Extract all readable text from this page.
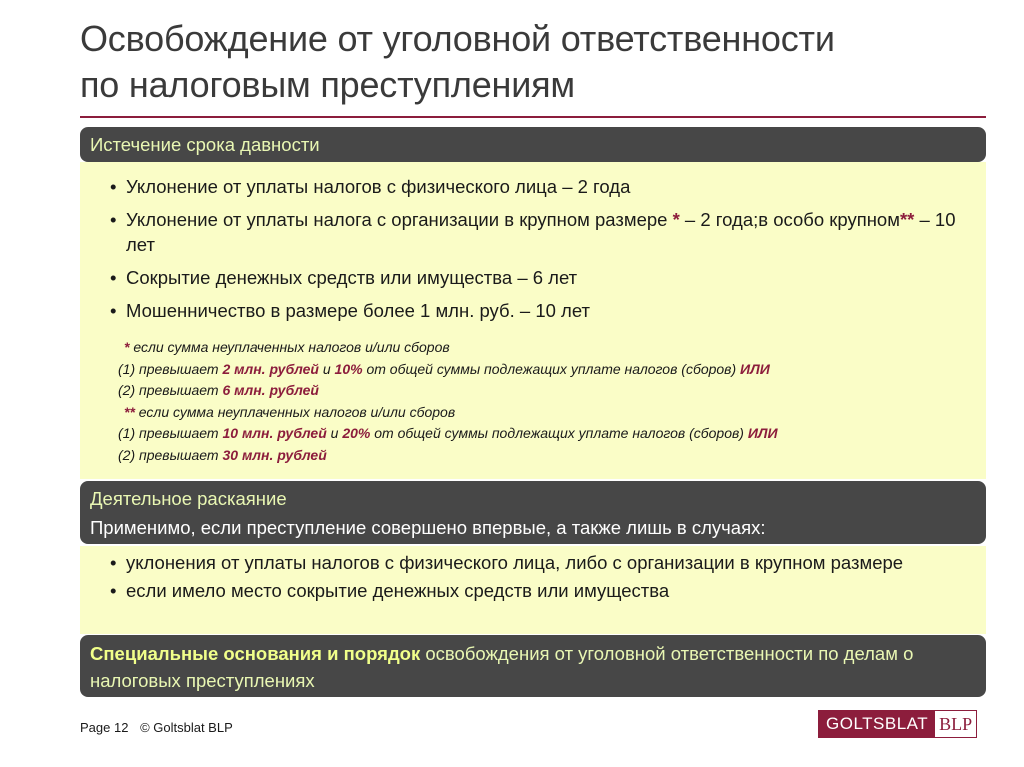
Освобождение от уголовной ответственности
по налоговым преступлениям
Истечение срока давности
• Уклонение от уплаты налогов с физического лица – 2 года
• Уклонение от уплаты налога с организации в крупном размере * – 2 года;в особо крупном** – 10 лет
• Сокрытие денежных средств или имущества – 6 лет
• Мошенничество в размере более 1 млн. руб. – 10 лет
* если сумма неуплаченных налогов и/или сборов
(1) превышает 2 млн. рублей и 10% от общей суммы подлежащих уплате налогов (сборов) ИЛИ
(2) превышает 6 млн. рублей
** если сумма неуплаченных налогов и/или сборов
(1) превышает 10 млн. рублей и 20% от общей суммы подлежащих уплате налогов (сборов) ИЛИ
(2) превышает 30 млн. рублей
Деятельное раскаяние
Применимо, если преступление совершено впервые, а также лишь в случаях:
• уклонения от уплаты налогов с физического лица, либо с организации в крупном размере
• если имело место сокрытие денежных средств или имущества
Специальные основания и порядок освобождения от уголовной ответственности по делам о налоговых преступлениях
Page 12 © Goltsblat BLP	GOLTSBLAT BLP
